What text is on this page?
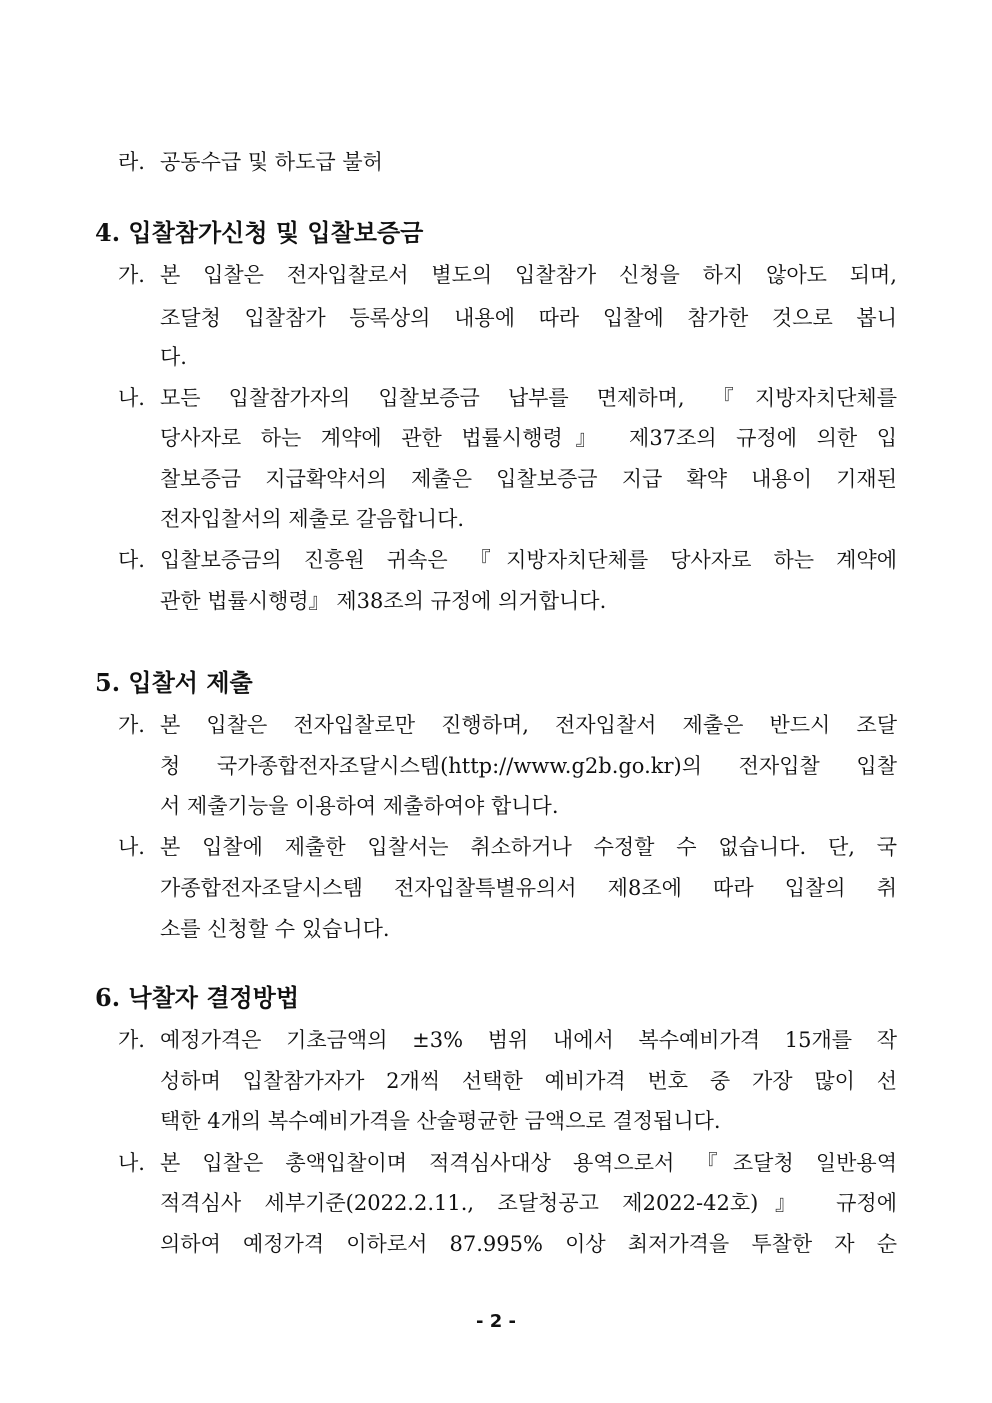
라. 공동수급 및 하도급 불허
4. 입찰참가신청 및 입찰보증금
가. 본 입찰은 전자입찰로서 별도의 입찰참가 신청을 하지 않아도 되며,
조달청 입찰참가 등록상의 내용에 따라 입찰에 참가한 것으로 봅니
다.
나. 모든 입찰참가자의 입찰보증금 납부를 면제하며, 『지방자치단체를
당사자로 하는 계약에 관한 법률시행령』 제37조의 규정에 의한 입
찰보증금 지급확약서의 제출은 입찰보증금 지급 확약 내용이 기재된
전자입찰서의 제출로 갈음합니다.
다. 입찰보증금의 진흥원 귀속은 『지방자치단체를 당사자로 하는 계약에
관한 법률시행령』 제38조의 규정에 의거합니다.
5. 입찰서 제출
가. 본 입찰은 전자입찰로만 진행하며, 전자입찰서 제출은 반드시 조달
청 국가종합전자조달시스템(http://www.g2b.go.kr)의 전자입찰 입찰
서 제출기능을 이용하여 제출하여야 합니다.
나. 본 입찰에 제출한 입찰서는 취소하거나 수정할 수 없습니다. 단, 국
가종합전자조달시스템 전자입찰특별유의서 제8조에 따라 입찰의 취
소를 신청할 수 있습니다.
6. 낙찰자 결정방법
가. 예정가격은 기초금액의 ±3% 범위 내에서 복수예비가격 15개를 작
성하며 입찰참가자가 2개씩 선택한 예비가격 번호 중 가장 많이 선
택한 4개의 복수예비가격을 산술평균한 금액으로 결정됩니다.
나. 본 입찰은 총액입찰이며 적격심사대상 용역으로서 『조달청 일반용역
적격심사 세부기준(2022.2.11., 조달청공고 제2022-42호)』 규정에
의하여 예정가격 이하로서 87.995% 이상 최저가격을 투찰한 자 순
- 2 -
